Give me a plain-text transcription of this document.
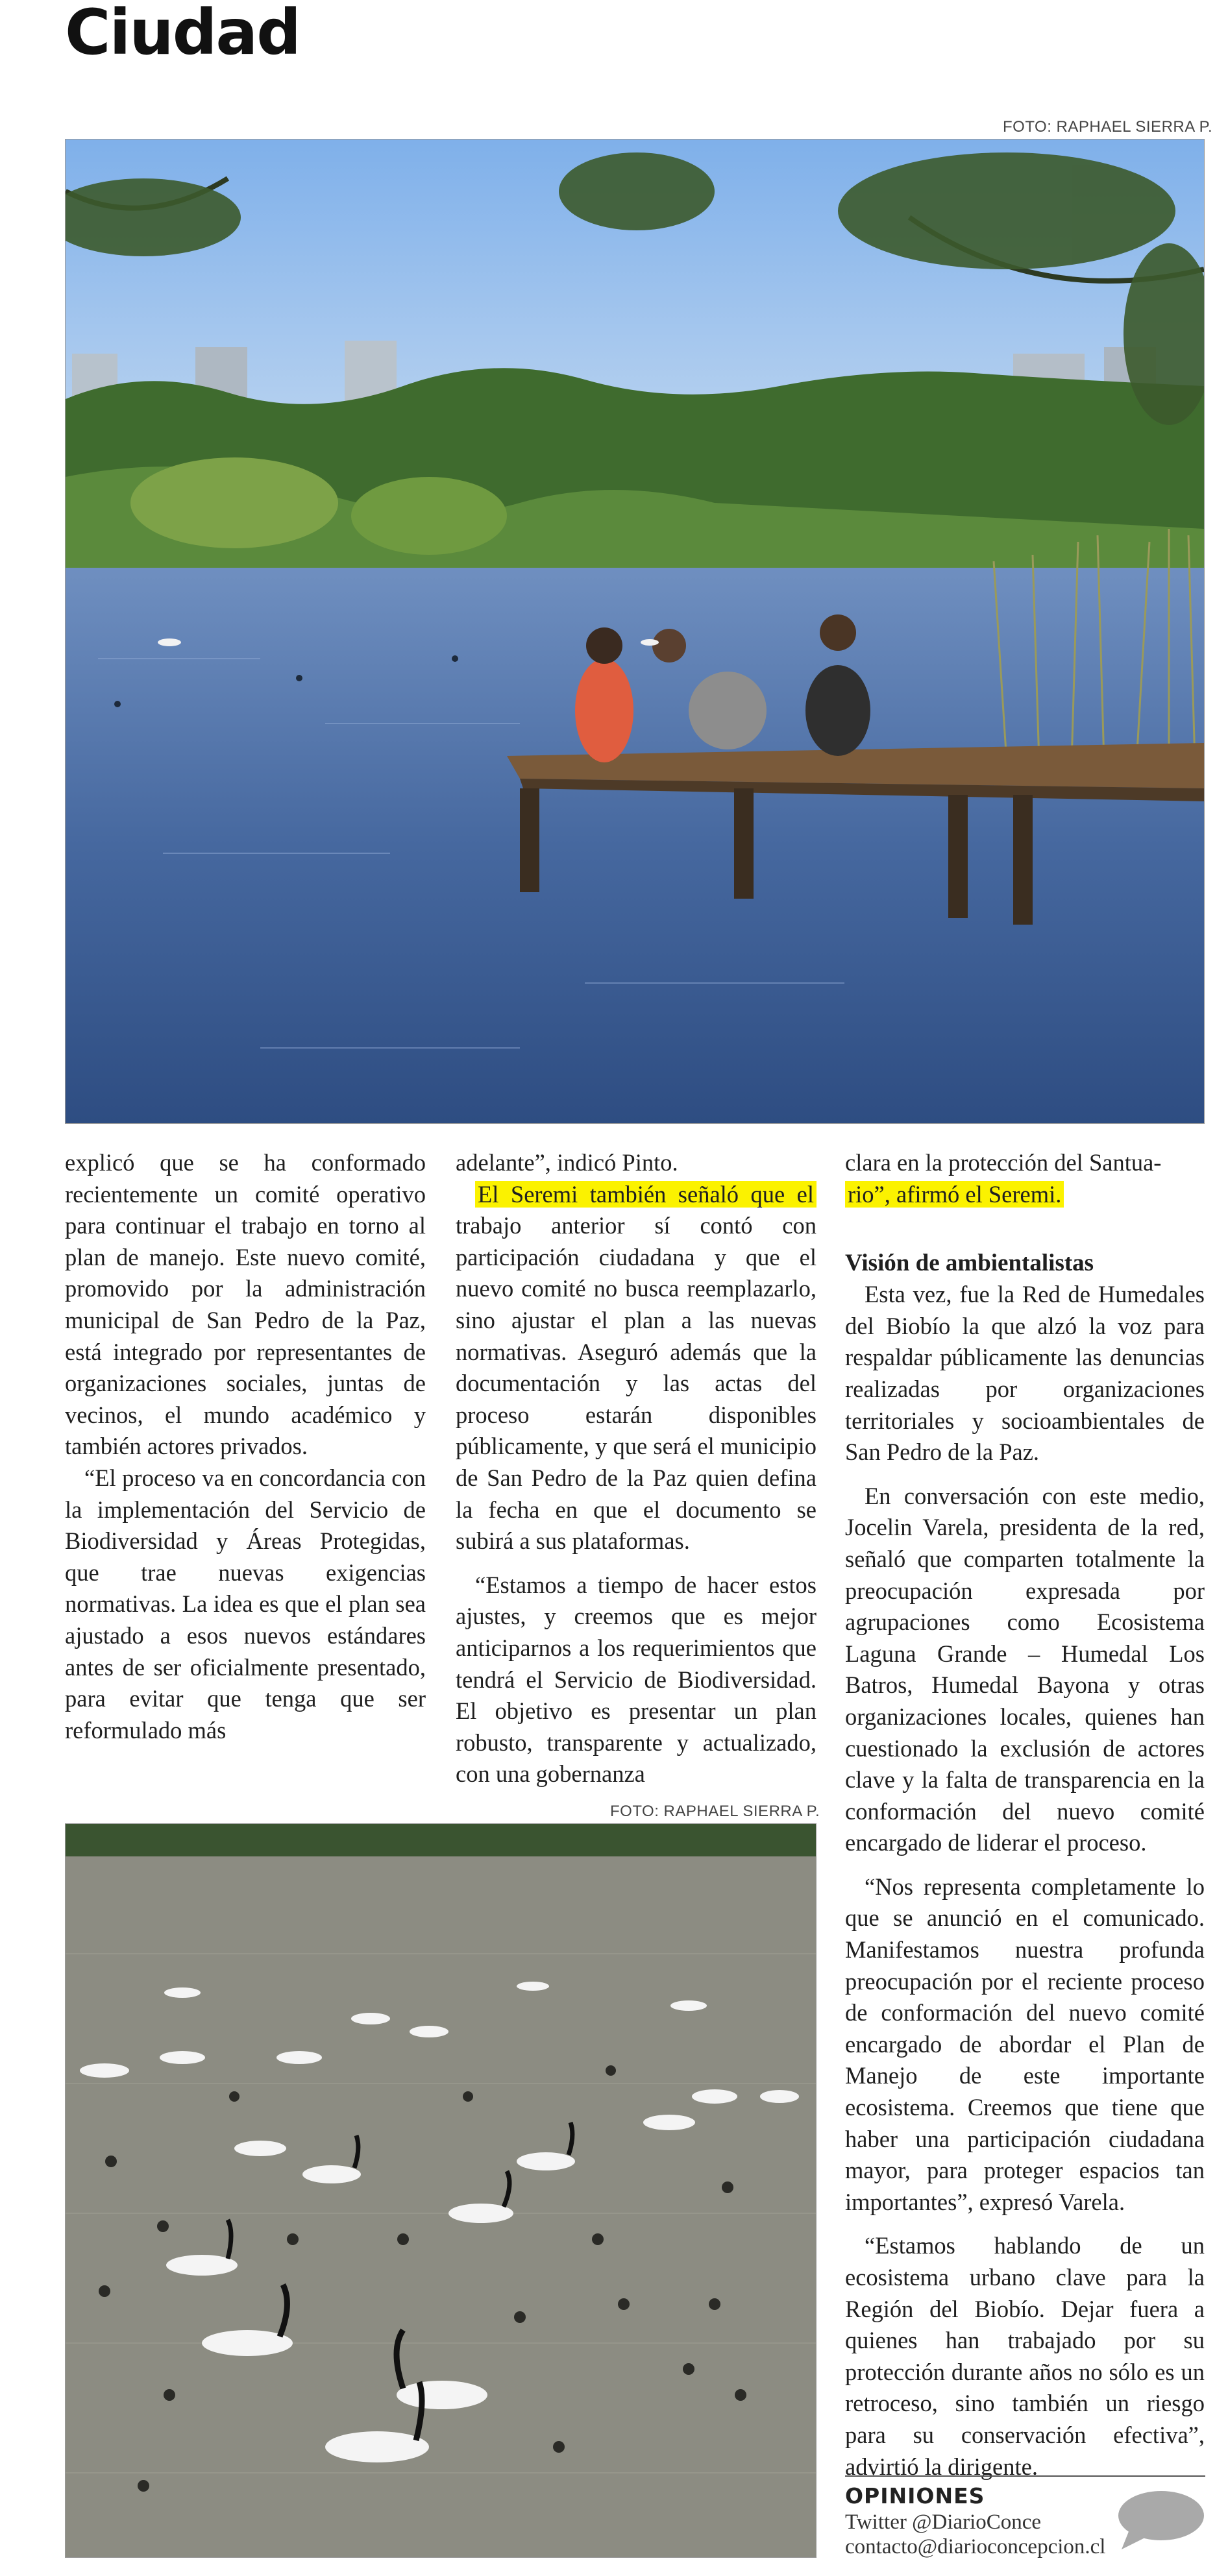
Ciudad
FOTO: RAPHAEL SIERRA P.

explicó que se ha conformado recientemente un comité operativo para continuar el trabajo en torno al plan de manejo. Este nuevo comité, promovido por la administración municipal de San Pedro de la Paz, está integrado por representantes de organizaciones sociales, juntas de vecinos, el mundo académico y también actores privados.

“El proceso va en concordancia con la implementación del Servicio de Biodiversidad y Áreas Protegidas, que trae nuevas exigencias normativas. La idea es que el plan sea ajustado a esos nuevos estándares antes de ser oficialmente presentado, para evitar que tenga que ser reformulado más

adelante”, indicó Pinto.

El Seremi también señaló que el trabajo anterior sí contó con participación ciudadana y que el nuevo comité no busca reemplazarlo, sino ajustar el plan a las nuevas normativas. Aseguró además que la documentación y las actas del proceso estarán disponibles públicamente, y que será el municipio de San Pedro de la Paz quien defina la fecha en que el documento se subirá a sus plataformas.

“Estamos a tiempo de hacer estos ajustes, y creemos que es mejor anticiparnos a los requerimientos que tendrá el Servicio de Biodiversidad. El objetivo es presentar un plan robusto, transparente y actualizado, con una gobernanza

FOTO: RAPHAEL SIERRA P.

clara en la protección del Santua-
rio”, afirmó el Seremi.

Visión de ambientalistas

Esta vez, fue la Red de Humedales del Biobío la que alzó la voz para respaldar públicamente las denuncias realizadas por organizaciones territoriales y socioambientales de San Pedro de la Paz.

En conversación con este medio, Jocelin Varela, presidenta de la red, señaló que comparten totalmente la preocupación expresada por agrupaciones como Ecosistema Laguna Grande – Humedal Los Batros, Humedal Bayona y otras organizaciones locales, quienes han cuestionado la exclusión de actores clave y la falta de transparencia en la conformación del nuevo comité encargado de liderar el proceso.

“Nos representa completamente lo que se anunció en el comunicado. Manifestamos nuestra profunda preocupación por el reciente proceso de conformación del nuevo comité encargado de abordar el Plan de Manejo de este importante ecosistema. Creemos que tiene que haber una participación ciudadana mayor, para proteger espacios tan importantes”, expresó Varela.

“Estamos hablando de un ecosistema urbano clave para la Región del Biobío. Dejar fuera a quienes han trabajado por su protección durante años no sólo es un retroceso, sino también un riesgo para su conservación efectiva”, advirtió la dirigente.

OPINIONES
Twitter @DiarioConce
contacto@diarioconcepcion.cl
